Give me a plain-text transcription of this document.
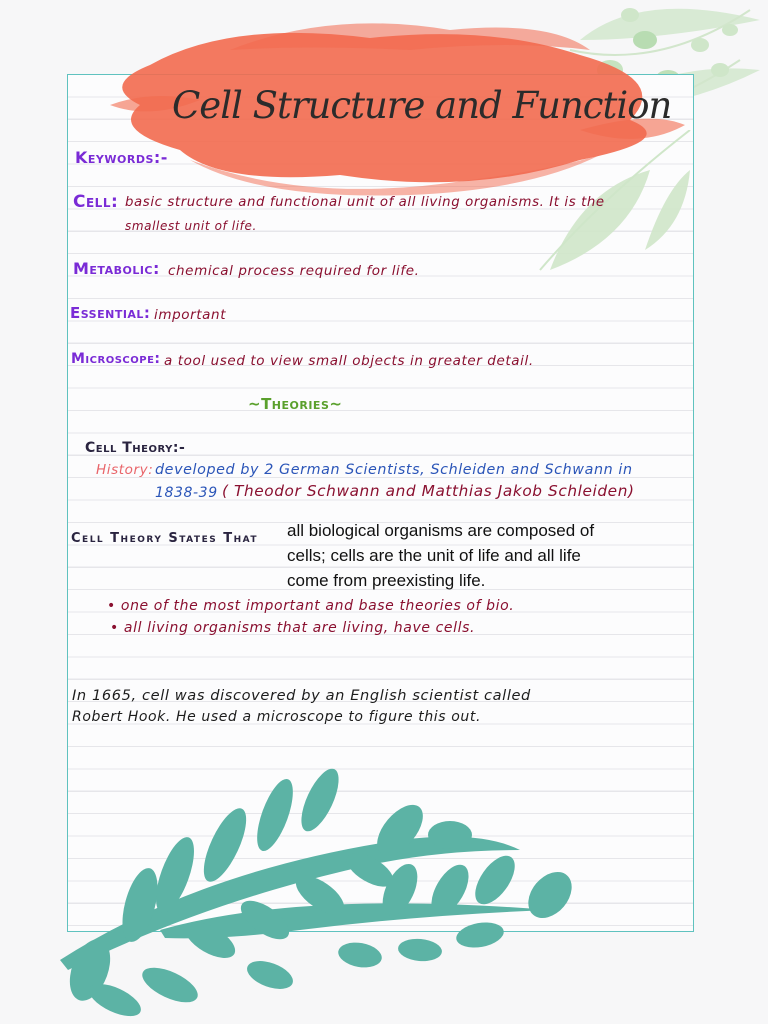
Cell Structure and Function
Keywords:-
Cell: basic structure and functional unit of all living organisms. It is the
smallest unit of life.
Metabolic: chemical process required for life.
Essential: important
Microscope: a tool used to view small objects in greater detail.
~Theories~
Cell Theory:-
History: developed by 2 German Scientists, Schleiden and Schwann in
1838-39 ( Theodor Schwann and Matthias Jakob Schleiden)
Cell Theory States That all biological organisms are composed of
cells; cells are the unit of life and all life
come from preexisting life.
• one of the most important and base theories of bio.
• all living organisms that are living, have cells.
In 1665, cell was discovered by an English scientist called
Robert Hook. He used a microscope to figure this out.
